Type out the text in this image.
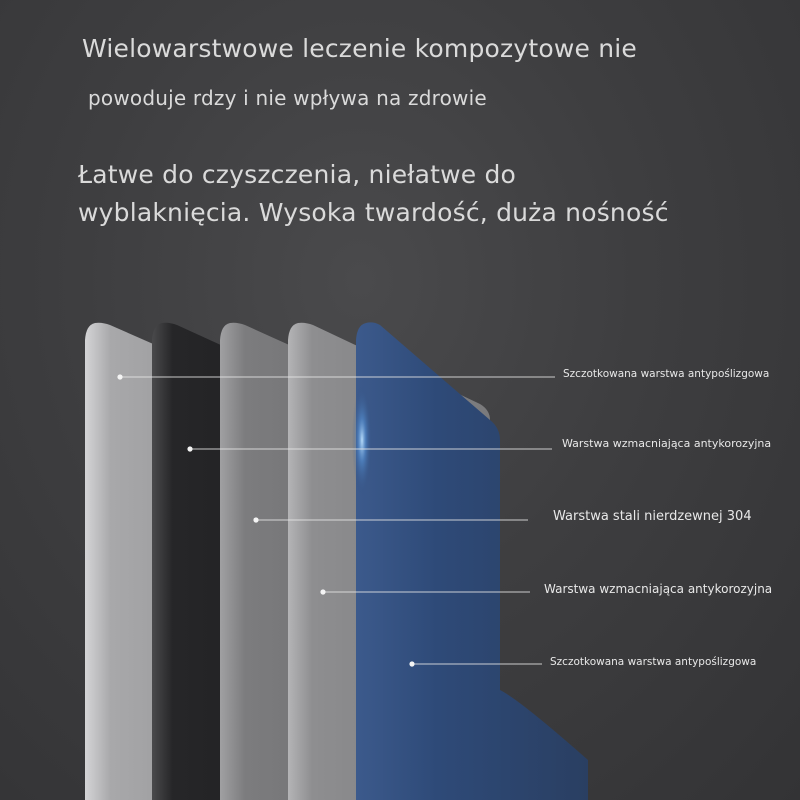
Wielowarstwowe leczenie kompozytowe nie
powoduje rdzy i nie wpływa na zdrowie
Łatwe do czyszczenia, niełatwe do
wyblaknięcia. Wysoka twardość, duża nośność
Szczotkowana warstwa antypoślizgowa
Warstwa wzmacniająca antykorozyjna
Warstwa stali nierdzewnej 304
Warstwa wzmacniająca antykorozyjna
Szczotkowana warstwa antypoślizgowa
